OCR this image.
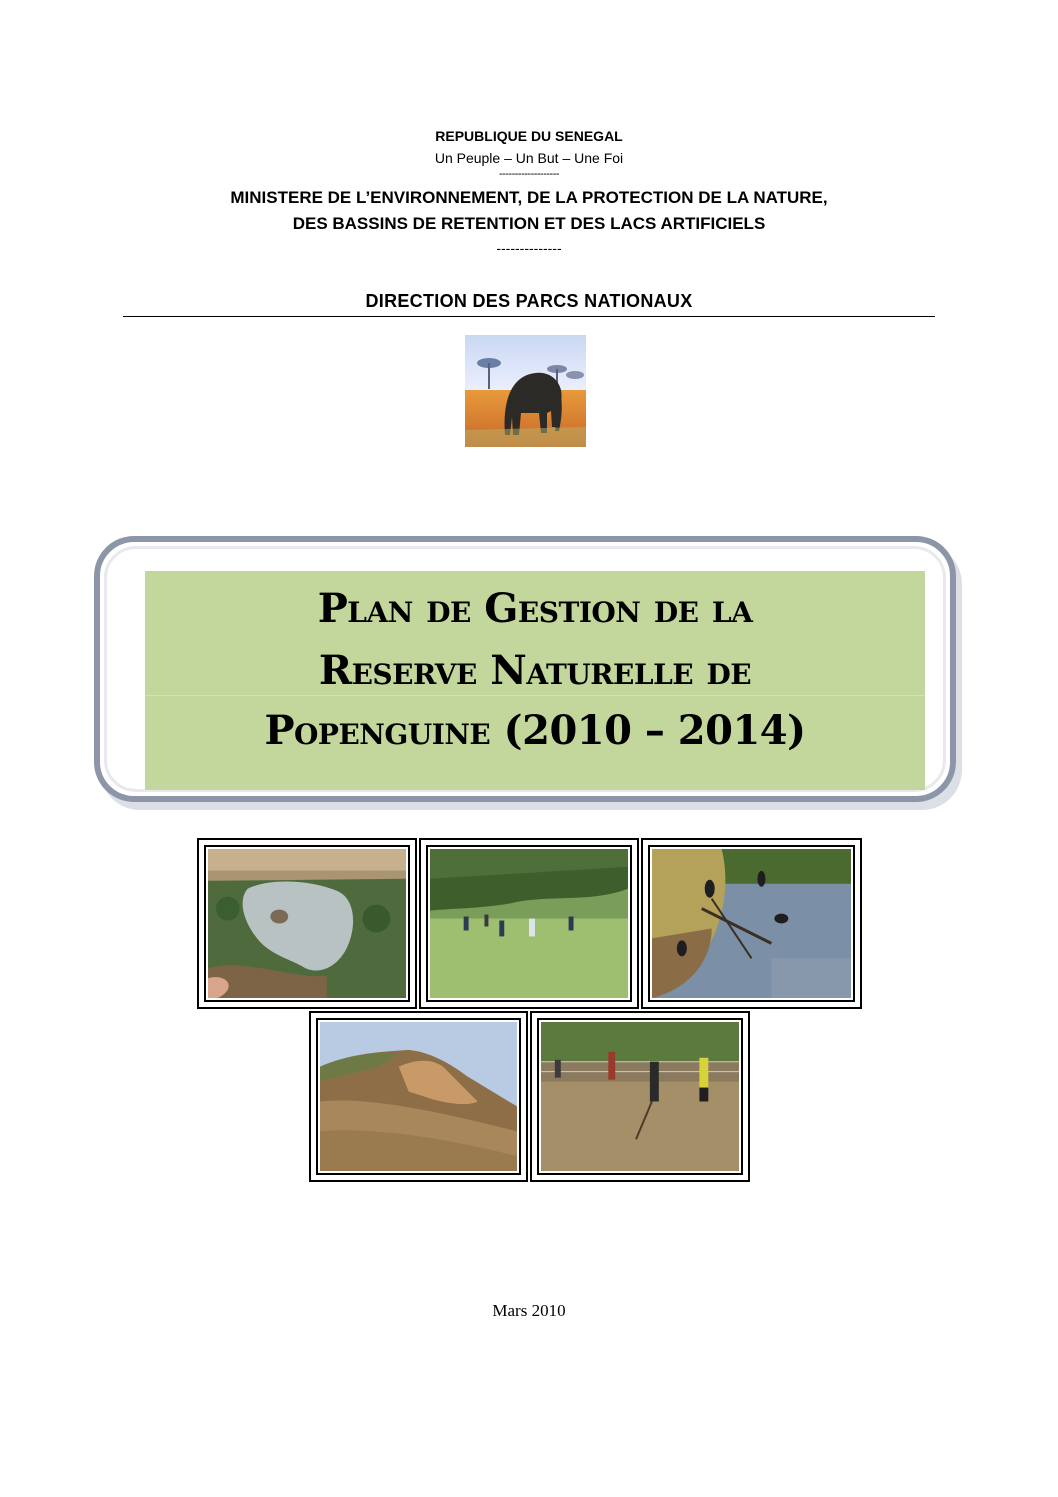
REPUBLIQUE DU SENEGAL
Un Peuple – Un But – Une Foi
-------------------
MINISTERE DE L’ENVIRONNEMENT, DE LA PROTECTION DE LA NATURE,
DES BASSINS DE RETENTION ET DES LACS ARTIFICIELS
--------------
DIRECTION DES PARCS NATIONAUX
Plan de Gestion de la
Reserve Naturelle de
Popenguine (2010 – 2014)
Mars 2010
